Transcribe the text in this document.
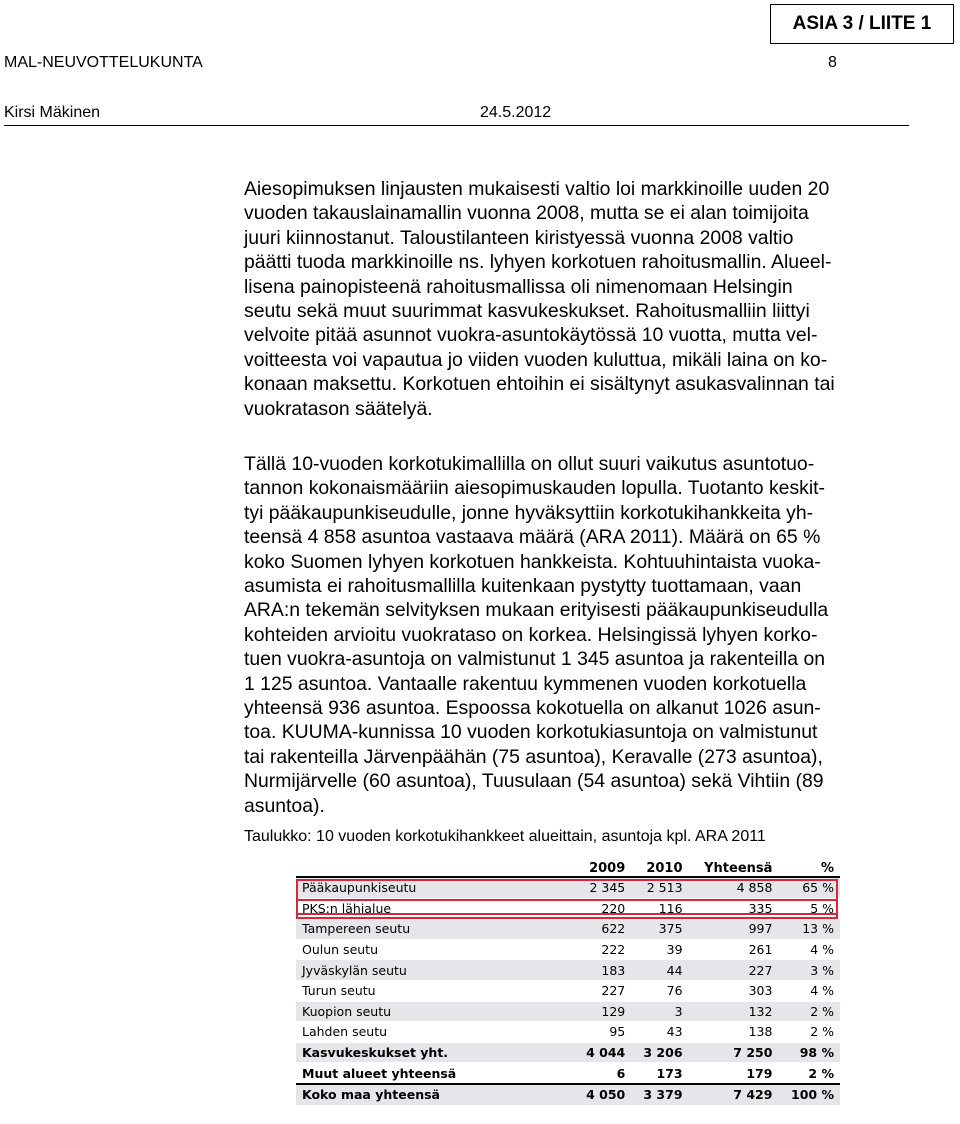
ASIA 3 / LIITE 1
MAL-NEUVOTTELUKUNTA	8
Kirsi Mäkinen	24.5.2012
Aiesopimuksen linjausten mukaisesti valtio loi markkinoille uuden 20
vuoden takauslainamallin vuonna 2008, mutta se ei alan toimijoita
juuri kiinnostanut. Taloustilanteen kiristyessä vuonna 2008 valtio
päätti tuoda markkinoille ns. lyhyen korkotuen rahoitusmallin. Alueel-
lisena painopisteenä rahoitusmallissa oli nimenomaan Helsingin
seutu sekä muut suurimmat kasvukeskukset. Rahoitusmalliin liittyi
velvoite pitää asunnot vuokra-asuntokäytössä 10 vuotta, mutta vel-
voitteesta voi vapautua jo viiden vuoden kuluttua, mikäli laina on ko-
konaan maksettu. Korkotuen ehtoihin ei sisältynyt asukasvalinnan tai
vuokratason säätelyä.
Tällä 10-vuoden korkotukimallilla on ollut suuri vaikutus asuntotuo-
tannon kokonaismääriin aiesopimuskauden lopulla. Tuotanto keskit-
tyi pääkaupunkiseudulle, jonne hyväksyttiin korkotukihankkeita yh-
teensä 4 858 asuntoa vastaava määrä (ARA 2011). Määrä on 65 %
koko Suomen lyhyen korkotuen hankkeista. Kohtuuhintaista vuoka-
asumista ei rahoitusmallilla kuitenkaan pystytty tuottamaan, vaan
ARA:n tekemän selvityksen mukaan erityisesti pääkaupunkiseudulla
kohteiden arvioitu vuokrataso on korkea. Helsingissä lyhyen korko-
tuen vuokra-asuntoja on valmistunut 1 345 asuntoa ja rakenteilla on
1 125 asuntoa. Vantaalle rakentuu kymmenen vuoden korkotuella
yhteensä 936 asuntoa. Espoossa kokotuella on alkanut 1026 asun-
toa. KUUMA-kunnissa 10 vuoden korkotukiasuntoja on valmistunut
tai rakenteilla Järvenpäähän (75 asuntoa), Keravalle (273 asuntoa),
Nurmijärvelle (60 asuntoa), Tuusulaan (54 asuntoa) sekä Vihtiin (89
asuntoa).
Taulukko: 10 vuoden korkotukihankkeet alueittain, asuntoja kpl. ARA 2011
	2009	2010	Yhteensä	%
Pääkaupunkiseutu	2 345	2 513	4 858	65 %
PKS:n lähialue	220	116	335	5 %
Tampereen seutu	622	375	997	13 %
Oulun seutu	222	39	261	4 %
Jyväskylän seutu	183	44	227	3 %
Turun seutu	227	76	303	4 %
Kuopion seutu	129	3	132	2 %
Lahden seutu	95	43	138	2 %
Kasvukeskukset yht.	4 044	3 206	7 250	98 %
Muut alueet yhteensä	6	173	179	2 %
Koko maa yhteensä	4 050	3 379	7 429	100 %
